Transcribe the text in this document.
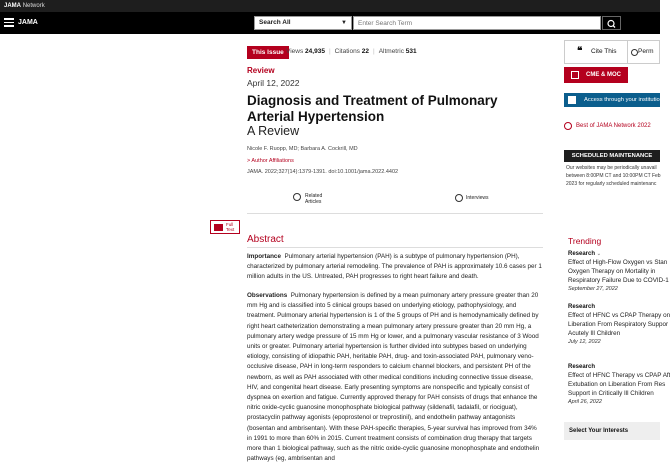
JAMA Network
JAMA	Search All	▼
Enter Search Term
This Issue Views 24,935 | Citations 22 | Altmetric 531
Review
April 12, 2022
Diagnosis and Treatment of Pulmonary Arterial Hypertension
A Review
Nicole F. Ruopp, MD; Barbara A. Cockrill, MD
> Author Affiliations
JAMA. 2022;327(14):1379-1391. doi:10.1001/jama.2022.4402
Related Articles
Interviews
Full Text
Abstract
Importance Pulmonary arterial hypertension (PAH) is a subtype of pulmonary hypertension (PH), characterized by pulmonary arterial remodeling. The prevalence of PAH is approximately 10.6 cases per 1 million adults in the US. Untreated, PAH progresses to right heart failure and death.
Observations Pulmonary hypertension is defined by a mean pulmonary artery pressure greater than 20 mm Hg and is classified into 5 clinical groups based on underlying etiology, pathophysiology, and treatment. Pulmonary arterial hypertension is 1 of the 5 groups of PH and is hemodynamically defined by right heart catheterization demonstrating a mean pulmonary artery pressure greater than 20 mm Hg, a pulmonary artery wedge pressure of 15 mm Hg or lower, and a pulmonary vascular resistance of 3 Wood units or greater. Pulmonary arterial hypertension is further divided into subtypes based on underlying etiology, consisting of idiopathic PAH, heritable PAH, drug- and toxin-associated PAH, pulmonary veno-occlusive disease, PAH in long-term responders to calcium channel blockers, and persistent PH of the newborn, as well as PAH associated with other medical conditions including connective tissue disease, HIV, and congenital heart disease. Early presenting symptoms are nonspecific and typically consist of dyspnea on exertion and fatigue. Currently approved therapy for PAH consists of drugs that enhance the nitric oxide-cyclic guanosine monophosphate biological pathway (sildenafil, tadalafil, or riociguat), prostacyclin pathway agonists (epoprostenol or treprostinil), and endothelin pathway antagonists (bosentan and ambrisentan). With these PAH-specific therapies, 5-year survival has improved from 34% in 1991 to more than 60% in 2015. Current treatment consists of combination drug therapy that targets more than 1 biological pathway, such as the nitric oxide-cyclic guanosine monophosphate and endothelin pathways (eg, ambrisentan and
❝ Cite This	Perm
CME & MOC
Access through your institution
Best of JAMA Network 2022
SCHEDULED MAINTENANCE
Our websites may be periodically unavail
between 8:00PM CT and 10:00PM CT Feb
2023 for regularly scheduled maintenanc
Trending
Research ⌄
Effect of High-Flow Oxygen vs Stan
Oxygen Therapy on Mortality in
Respiratory Failure Due to COVID-1
September 27, 2022
Research
Effect of HFNC vs CPAP Therapy on
Liberation From Respiratory Suppor
Acutely Ill Children
July 12, 2022
Research
Effect of HFNC Therapy vs CPAP Aft
Extubation on Liberation From Res
Support in Critically Ill Children
April 26, 2022
Select Your Interests
